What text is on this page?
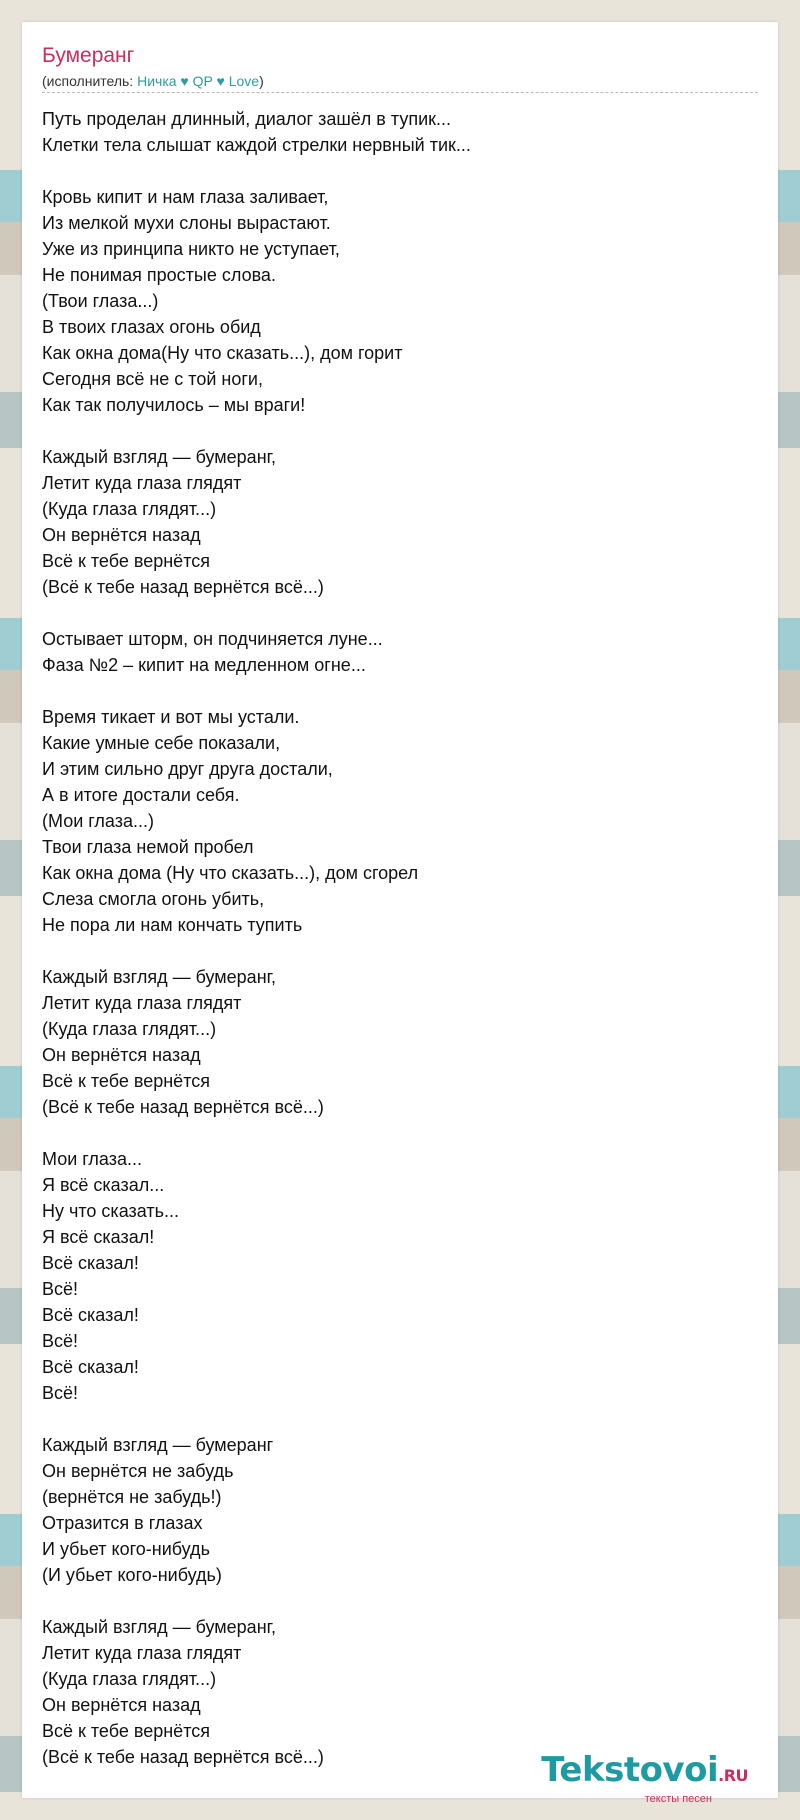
Бумеранг
(исполнитель: Ничка ♥ QP ♥ Love)
Путь проделан длинный, диалог зашёл в тупик...
Клетки тела слышат каждой стрелки нервный тик...
Кровь кипит и нам глаза заливает,
Из мелкой мухи слоны вырастают.
Уже из принципа никто не уступает,
Не понимая простые слова.
(Твои глаза...)
В твоих глазах огонь обид
Как окна дома(Ну что сказать...), дом горит
Сегодня всё не с той ноги,
Как так получилось – мы враги!
Каждый взгляд — бумеранг,
Летит куда глаза глядят
(Куда глаза глядят...)
Он вернётся назад
Всё к тебе вернётся
(Всё к тебе назад вернётся всё...)
Остывает шторм, он подчиняется луне...
Фаза №2 – кипит на медленном огне...
Время тикает и вот мы устали.
Какие умные себе показали,
И этим сильно друг друга достали,
А в итоге достали себя.
(Мои глаза...)
Твои глаза немой пробел
Как окна дома (Ну что сказать...), дом сгорел
Слеза смогла огонь убить,
Не пора ли нам кончать тупить
Каждый взгляд — бумеранг,
Летит куда глаза глядят
(Куда глаза глядят...)
Он вернётся назад
Всё к тебе вернётся
(Всё к тебе назад вернётся всё...)
Мои глаза...
Я всё сказал...
Ну что сказать...
Я всё сказал!
Всё сказал!
Всё!
Всё сказал!
Всё!
Всё сказал!
Всё!
Каждый взгляд — бумеранг
Он вернётся не забудь
(вернётся не забудь!)
Отразится в глазах
И убьет кого-нибудь
(И убьет кого-нибудь)
Каждый взгляд — бумеранг,
Летит куда глаза глядят
(Куда глаза глядят...)
Он вернётся назад
Всё к тебе вернётся
(Всё к тебе назад вернётся всё...)	Tekstovoi.RU
тексты песен
